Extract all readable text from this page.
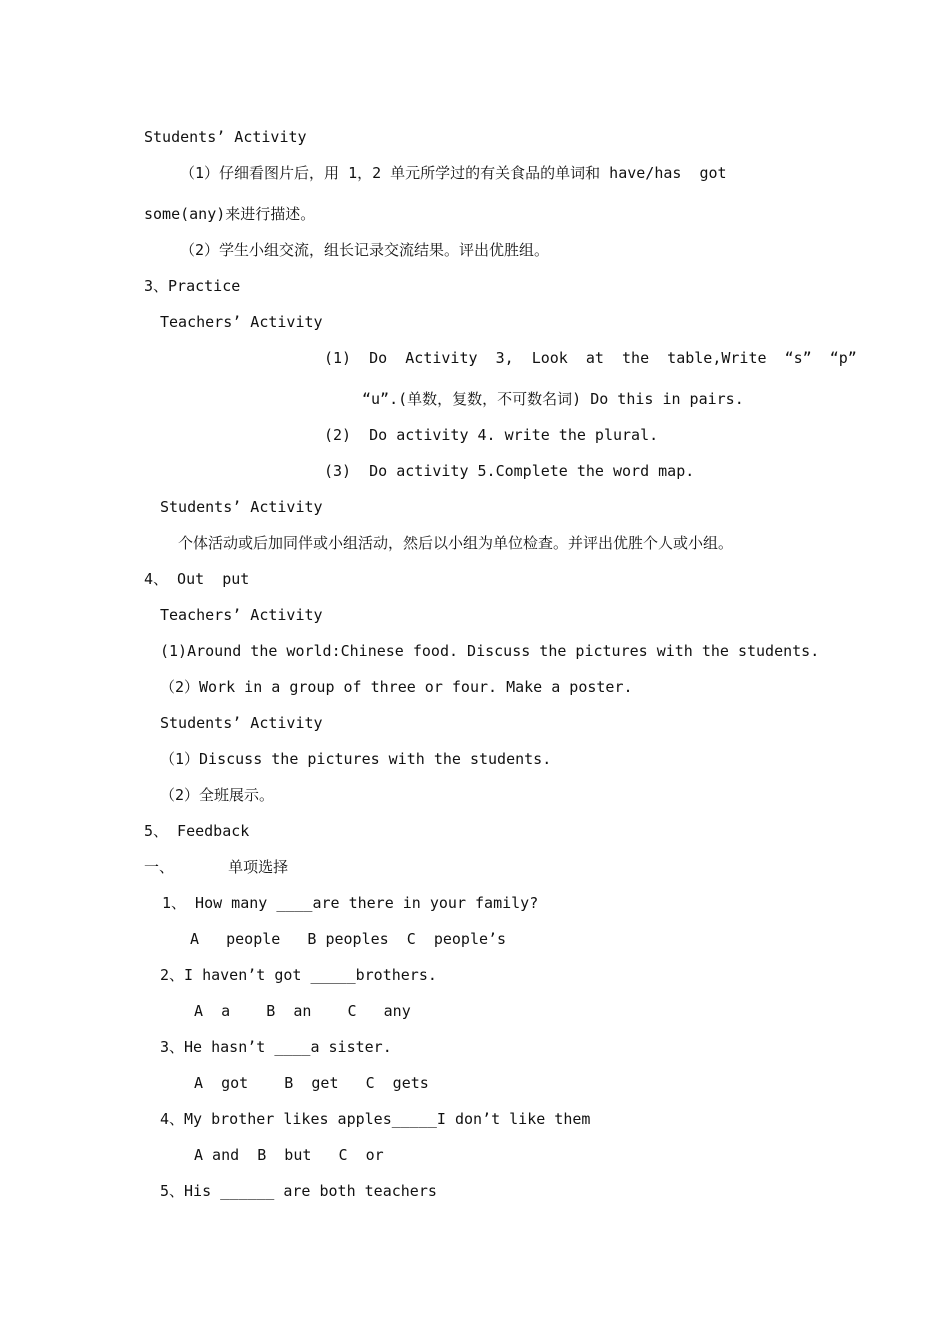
Students’ Activity
（1）仔细看图片后，用 1，2 单元所学过的有关食品的单词和 have/has  got
some(any)来进行描述。
（2）学生小组交流，组长记录交流结果。评出优胜组。
3、Practice
Teachers’ Activity
(1)  Do  Activity  3,  Look  at  the  table,Write  “s”  “p”
“u”.(单数，复数，不可数名词) Do this in pairs.
(2)  Do activity 4. write the plural.
(3)  Do activity 5.Complete the word map.
Students’ Activity
个体活动或后加同伴或小组活动，然后以小组为单位检查。并评出优胜个人或小组。
4、 Out  put
Teachers’ Activity
(1)Around the world:Chinese food. Discuss the pictures with the students.
（2）Work in a group of three or four. Make a poster.
Students’ Activity
（1）Discuss the pictures with the students.
（2）全班展示。
5、 Feedback
一、      单项选择
1、 How many ____are there in your family?
A   people   B peoples  C  people’s
2、I haven’t got _____brothers.
A  a    B  an    C   any
3、He hasn’t ____a sister.
A  got    B  get   C  gets
4、My brother likes apples_____I don’t like them
A and  B  but   C  or
5、His ______ are both teachers
